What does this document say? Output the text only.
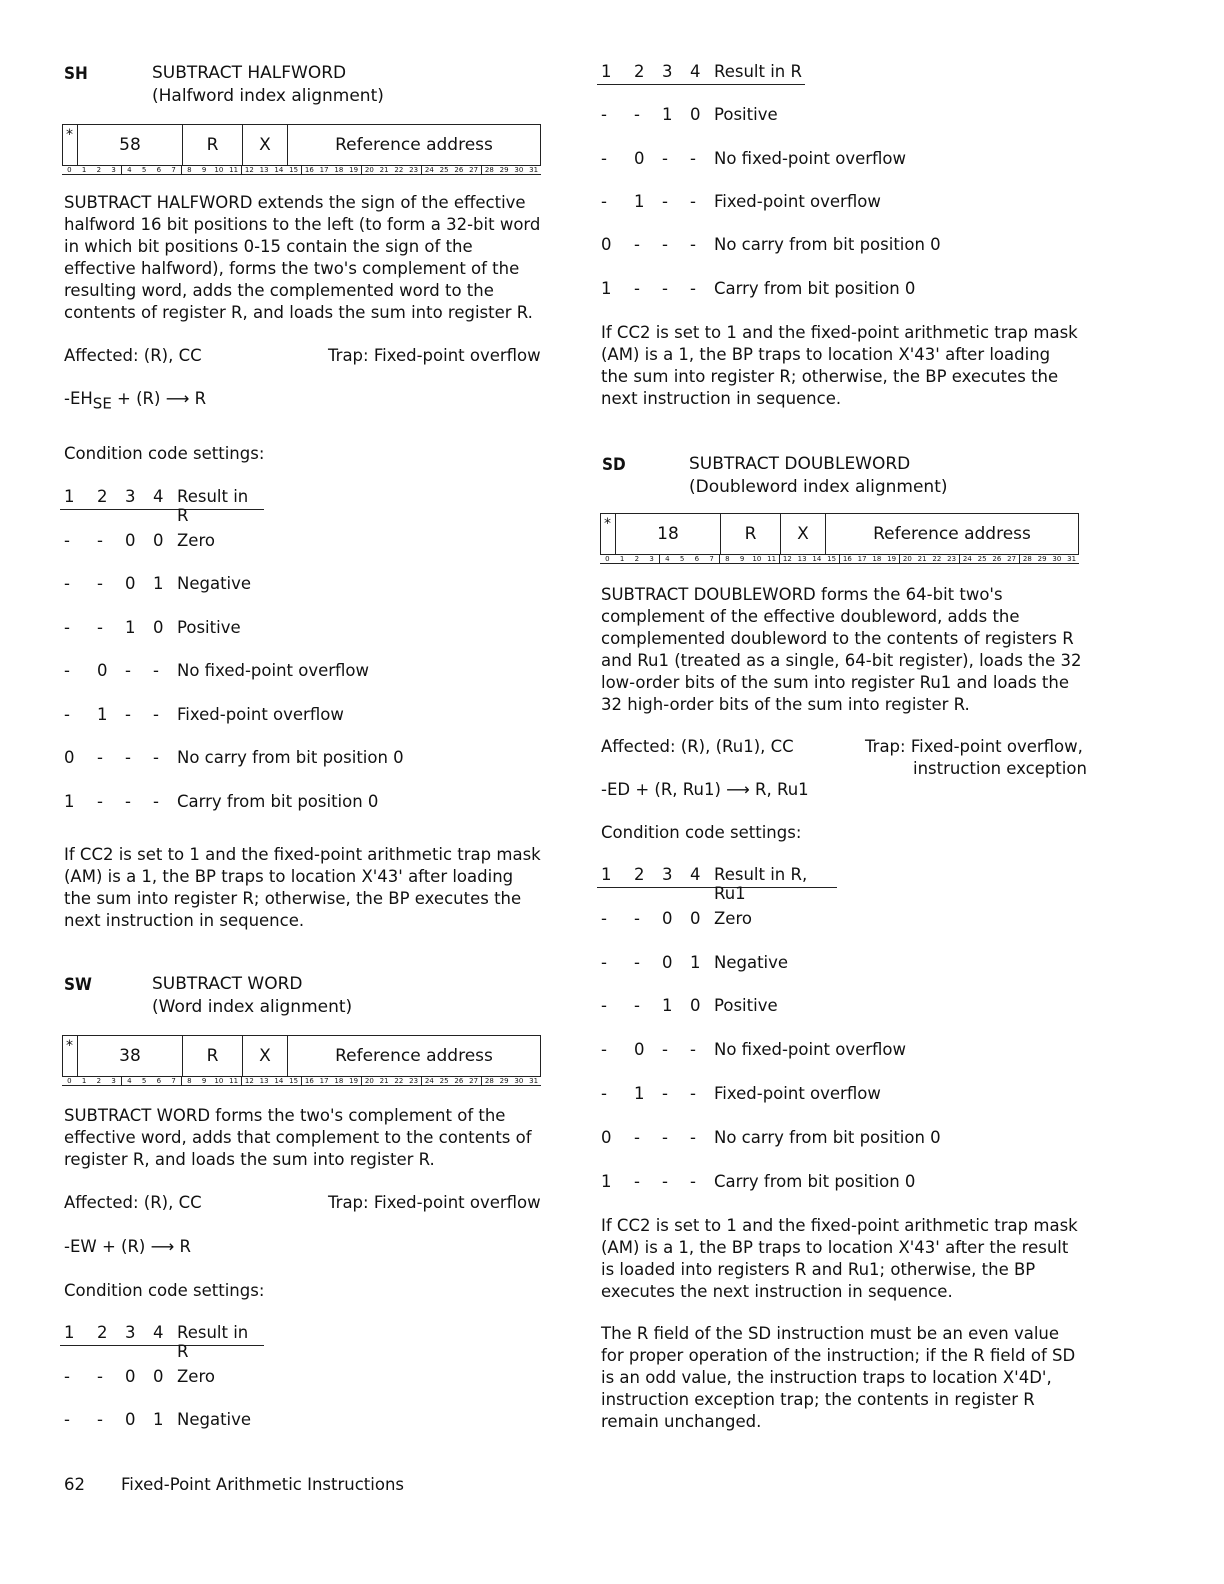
SH	SUBTRACT HALFWORD
(Halfword index alignment)
*	58	R	X	Reference address
0	1	2	3	4	5	6	7	8	9	10 11 12 13 14 15 16 17 18 19 20 21 22 23 24 25 26 27 28 29 30 31
SUBTRACT HALFWORD extends the sign of the effective halfword 16 bit positions to the left (to form a 32-bit word in which bit positions 0-15 contain the sign of the effective halfword), forms the two's complement of the resulting word, adds the complemented word to the contents of register R, and loads the sum into register R.
Affected: (R), CC	Trap: Fixed-point overflow
$-EH_{SE} + (R)$ ⟶ R
Condition code settings:
1 2 3 4 Result in R
- - 0 0 Zero
- - 0 1 Negative
- - 1 0 Positive
- 0 - - No fixed-point overflow
- 1 - - Fixed-point overflow
0 - - - No carry from bit position 0
1 - - - Carry from bit position 0
If CC2 is set to 1 and the fixed-point arithmetic trap mask (AM) is a 1, the BP traps to location X'43' after loading the sum into register R; otherwise, the BP executes the next instruction in sequence.
SW	SUBTRACT WORD
(Word index alignment)
*	38	R	X	Reference address
0	1	2	3	4	5	6	7	8	9	10 11 12 13 14 15 16 17 18 19 20 21 22 23 24 25 26 27 28 29 30 31
SUBTRACT WORD forms the two's complement of the effective word, adds that complement to the contents of register R, and loads the sum into register R.
Affected: (R), CC	Trap: Fixed-point overflow
-EW + (R) ⟶ R
Condition code settings:
1 2 3 4 Result in R
- - 0 0 Zero
- - 0 1 Negative
1 2 3 4 Result in R
- - 1 0 Positive
- 0 - - No fixed-point overflow
- 1 - - Fixed-point overflow
0 - - - No carry from bit position 0
1 - - - Carry from bit position 0
If CC2 is set to 1 and the fixed-point arithmetic trap mask (AM) is a 1, the BP traps to location X'43' after loading the sum into register R; otherwise, the BP executes the next instruction in sequence.
SD	SUBTRACT DOUBLEWORD
(Doubleword index alignment)
*	18	R	X	Reference address
0	1	2	3	4	5	6	7	8	9	10 11 12 13 14 15 16 17 18 19 20 21 22 23 24 25 26 27 28 29 30 31
SUBTRACT DOUBLEWORD forms the 64-bit two's complement of the effective doubleword, adds the complemented doubleword to the contents of registers R and Ru1 (treated as a single, 64-bit register), loads the 32 low-order bits of the sum into register Ru1 and loads the 32 high-order bits of the sum into register R.
Affected: (R), (Ru1), CC	Trap: Fixed-point overflow,
instruction exception
-ED + (R, Ru1) ⟶ R, Ru1
Condition code settings:
1 2 3 4 Result in R, Ru1
- - 0 0 Zero
- - 0 1 Negative
- - 1 0 Positive
- 0 - - No fixed-point overflow
- 1 - - Fixed-point overflow
0 - - - No carry from bit position 0
1 - - - Carry from bit position 0
If CC2 is set to 1 and the fixed-point arithmetic trap mask (AM) is a 1, the BP traps to location X'43' after the result is loaded into registers R and Ru1; otherwise, the BP executes the next instruction in sequence.
The R field of the SD instruction must be an even value for proper operation of the instruction; if the R field of SD is an odd value, the instruction traps to location X'4D', instruction exception trap; the contents in register R remain unchanged.
62 Fixed-Point Arithmetic Instructions
